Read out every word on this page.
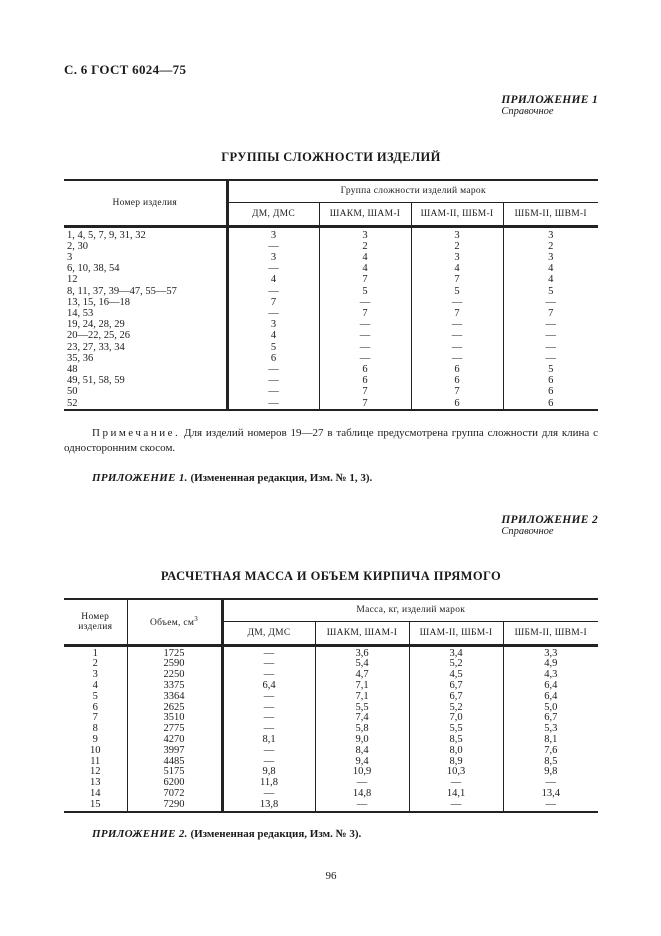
С. 6 ГОСТ 6024—75
ПРИЛОЖЕНИЕ 1
Справочное
ГРУППЫ СЛОЖНОСТИ ИЗДЕЛИЙ
Номер изделия	Группа сложности изделий марок			
	ДМ, ДМС	ШАКМ, ШАМ-I	ШАМ-II, ШБМ-I	ШБМ-II, ШВМ-I
1, 4, 5, 7, 9, 31, 32	3	3	3	3
2, 30	—	2	2	2
3	3	4	3	3
6, 10, 38, 54	—	4	4	4
12	4	7	7	4
8, 11, 37, 39—47, 55—57	—	5	5	5
13, 15, 16—18	7	—	—	—
14, 53	—	7	7	7
19, 24, 28, 29	3	—	—	—
20—22, 25, 26	4	—	—	—
23, 27, 33, 34	5	—	—	—
35, 36	6	—	—	—
48	—	6	6	5
49, 51, 58, 59	—	6	6	6
50	—	7	7	6
52	—	7	6	6

Примечание. Для изделий номеров 19—27 в таблице предусмотрена группа сложности для клина с односторонним скосом.

ПРИЛОЖЕНИЕ 1. (Измененная редакция, Изм. № 1, 3).

ПРИЛОЖЕНИЕ 2
Справочное
РАСЧЕТНАЯ МАССА И ОБЪЕМ КИРПИЧА ПРЯМОГО
Номер изделия	Объем, $см^3$	Масса, кг, изделий марок			
		ДМ, ДМС	ШАКМ, ШАМ-I	ШАМ-II, ШБМ-I	ШБМ-II, ШВМ-I
1	1725	—	3,6	3,4	3,3
2	2590	—	5,4	5,2	4,9
3	2250	—	4,7	4,5	4,3
4	3375	6,4	7,1	6,7	6,4
5	3364	—	7,1	6,7	6,4
6	2625	—	5,5	5,2	5,0
7	3510	—	7,4	7,0	6,7
8	2775	—	5,8	5,5	5,3
9	4270	8,1	9,0	8,5	8,1
10	3997	—	8,4	8,0	7,6
11	4485	—	9,4	8,9	8,5
12	5175	9,8	10,9	10,3	9,8
13	6200	11,8	—	—	—
14	7072	—	14,8	14,1	13,4
15	7290	13,8	—	—	—

ПРИЛОЖЕНИЕ 2. (Измененная редакция, Изм. № 3).

96
